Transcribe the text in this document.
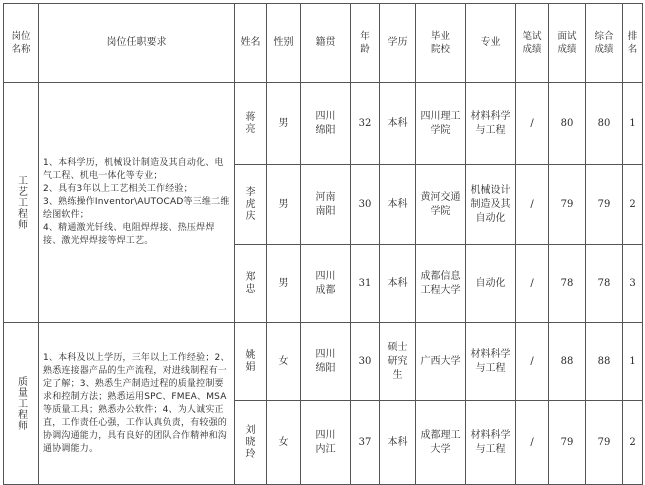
岗位名称	岗位任职要求	姓名	性别	籍贯	年龄	学历	毕业院校	专业	笔试成绩	面试成绩	综合成绩	排名

工艺工程师	1、本科学历，机械设计制造及其自动化、电气工程、机电一体化等专业；
2、具有3年以上工艺相关工作经验；
3、熟练操作Inventor\AUTOCAD等三维二维绘图软件；
4、精通激光钎线、电阻焊焊接、热压焊焊接、激光焊焊接等焊工艺。	蒋亮	男	四川绵阳	32	本科	四川理工学院	材料科学与工程	/	80	80	1

		李虎庆	男	河南南阳	30	本科	黄河交通学院	机械设计制造及其自动化	/	79	79	2

		郑忠	男	四川成都	31	本科	成都信息工程大学	自动化	/	78	78	3

质量工程师	1、本科及以上学历，三年以上工作经验；2、熟悉连接器产品的生产流程，对进线制程有一定了解；3、熟悉生产制造过程的质量控制要求和控制方法；熟悉运用SPC、FMEA、MSA等质量工具；熟悉办公软件；4、为人诚实正直，工作责任心强，工作认真负责，有较强的协调沟通能力，具有良好的团队合作精神和沟通协调能力。	姚娟	女	四川绵阳	30	硕士研究生	广西大学	材料科学与工程	/	88	88	1

		刘晓玲	女	四川内江	37	本科	成都理工大学	材料科学与工程	/	79	79	2
